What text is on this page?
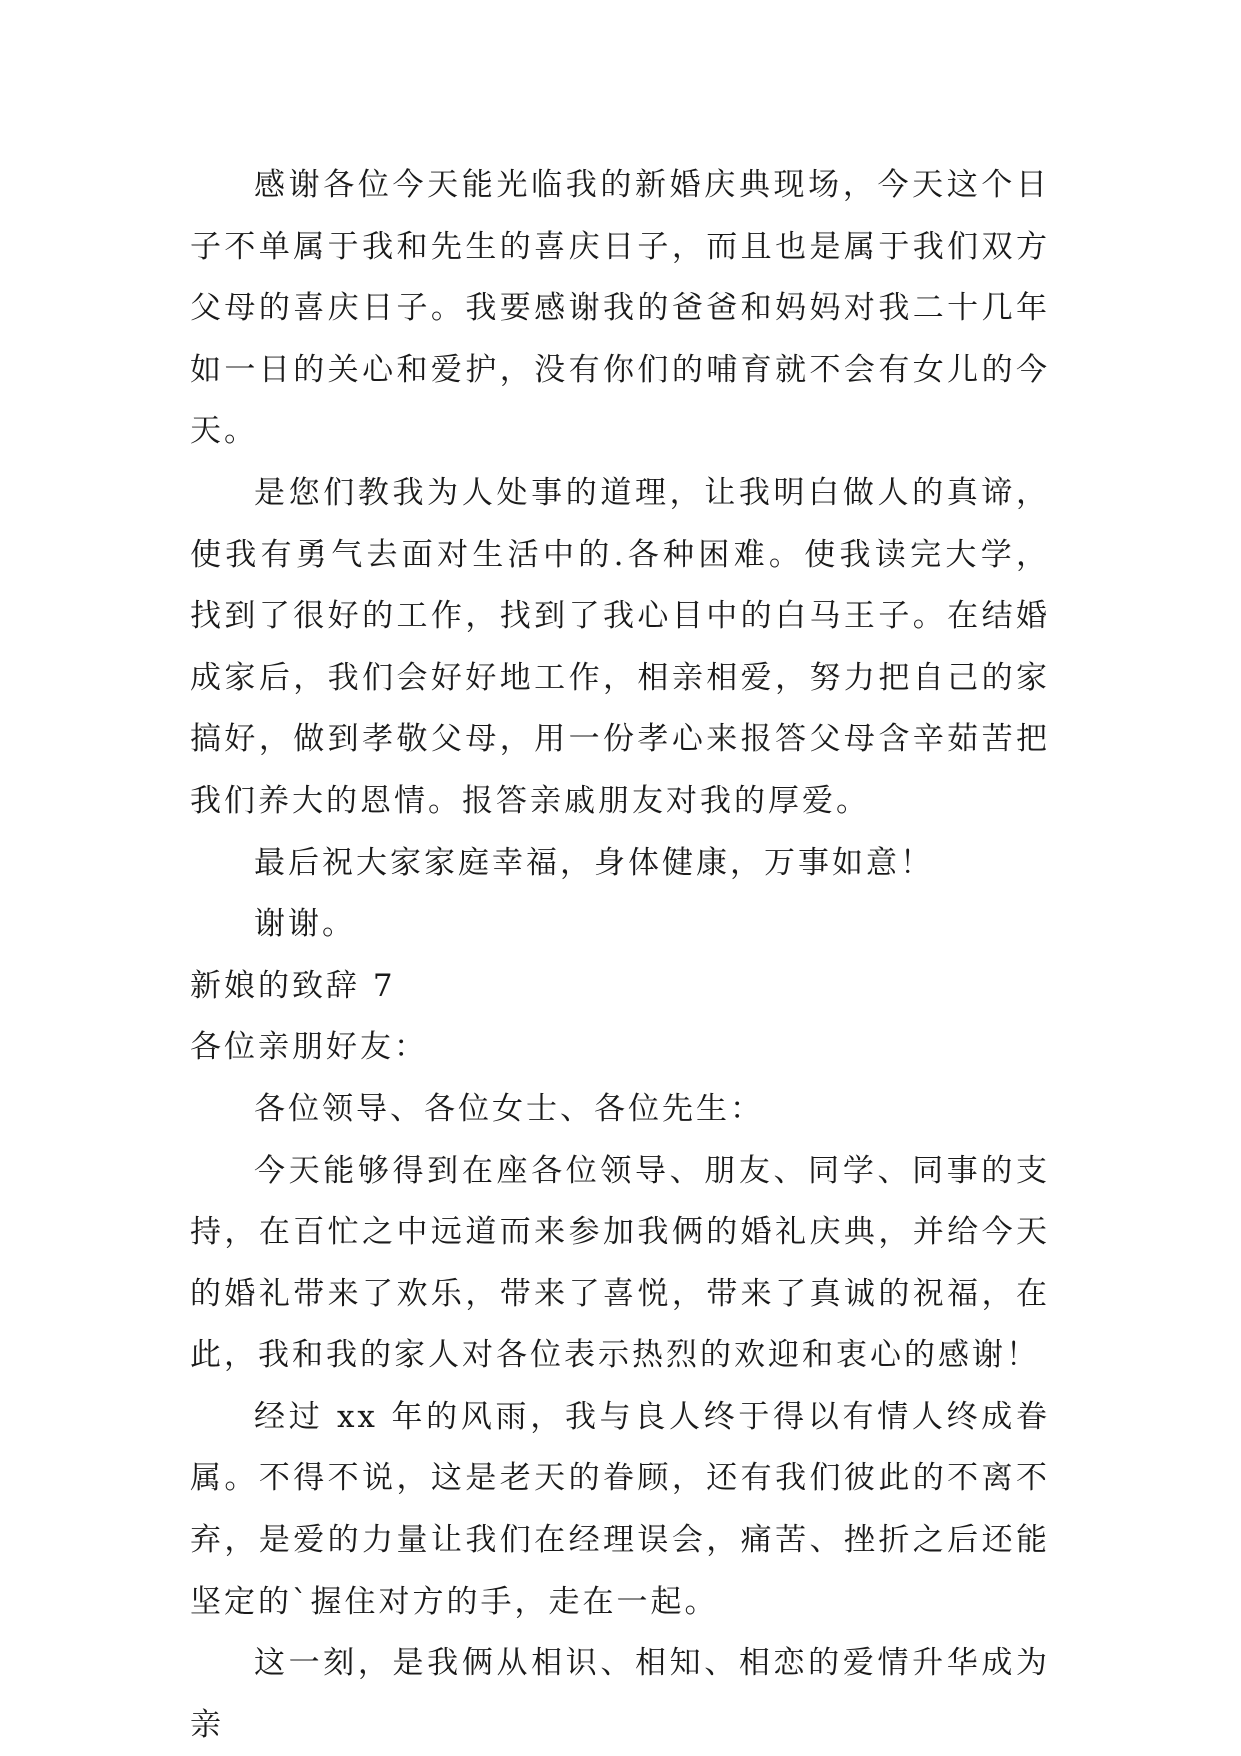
感谢各位今天能光临我的新婚庆典现场，今天这个日子不单属于我和先生的喜庆日子，而且也是属于我们双方父母的喜庆日子。我要感谢我的爸爸和妈妈对我二十几年如一日的关心和爱护，没有你们的哺育就不会有女儿的今天。

是您们教我为人处事的道理，让我明白做人的真谛，使我有勇气去面对生活中的.各种困难。使我读完大学，找到了很好的工作，找到了我心目中的白马王子。在结婚成家后，我们会好好地工作，相亲相爱，努力把自己的家搞好，做到孝敬父母，用一份孝心来报答父母含辛茹苦把我们养大的恩情。报答亲戚朋友对我的厚爱。

最后祝大家家庭幸福，身体健康，万事如意！

谢谢。

新娘的致辞 7

各位亲朋好友：

各位领导、各位女士、各位先生：

今天能够得到在座各位领导、朋友、同学、同事的支持，在百忙之中远道而来参加我俩的婚礼庆典，并给今天的婚礼带来了欢乐，带来了喜悦，带来了真诚的祝福，在此，我和我的家人对各位表示热烈的欢迎和衷心的感谢！

经过 xx 年的风雨，我与良人终于得以有情人终成眷属。不得不说，这是老天的眷顾，还有我们彼此的不离不弃，是爱的力量让我们在经理误会，痛苦、挫折之后还能坚定的`握住对方的手，走在一起。

这一刻，是我俩从相识、相知、相恋的爱情升华成为亲
